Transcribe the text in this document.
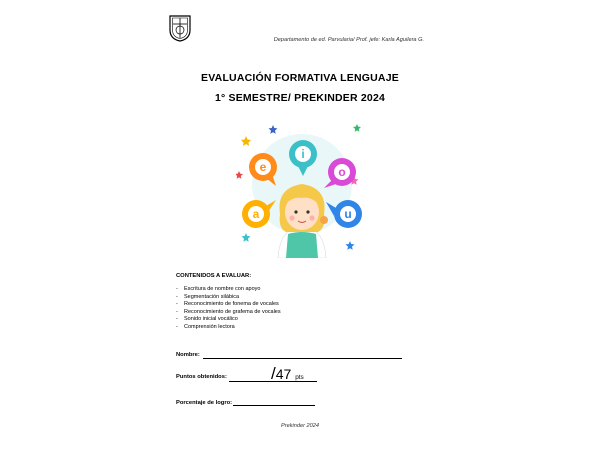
Departamento de ed. Parvularia/ Prof. jefe: Karla Aguilera G.
EVALUACIÓN FORMATIVA LENGUAJE
1° SEMESTRE/ PREKINDER 2024
e
i
o
a	u
CONTENIDOS A EVALUAR:
- Escritura de nombre con apoyo
- Segmentación silábica
- Reconocimiento de fonema de vocales
- Reconocimiento de grafema de vocales
- Sonido inicial vocálico
- Comprensión lectora
Nombre:
/47 pts
Puntos obtenidos:
Porcentaje de logro:
Prekinder 2024
